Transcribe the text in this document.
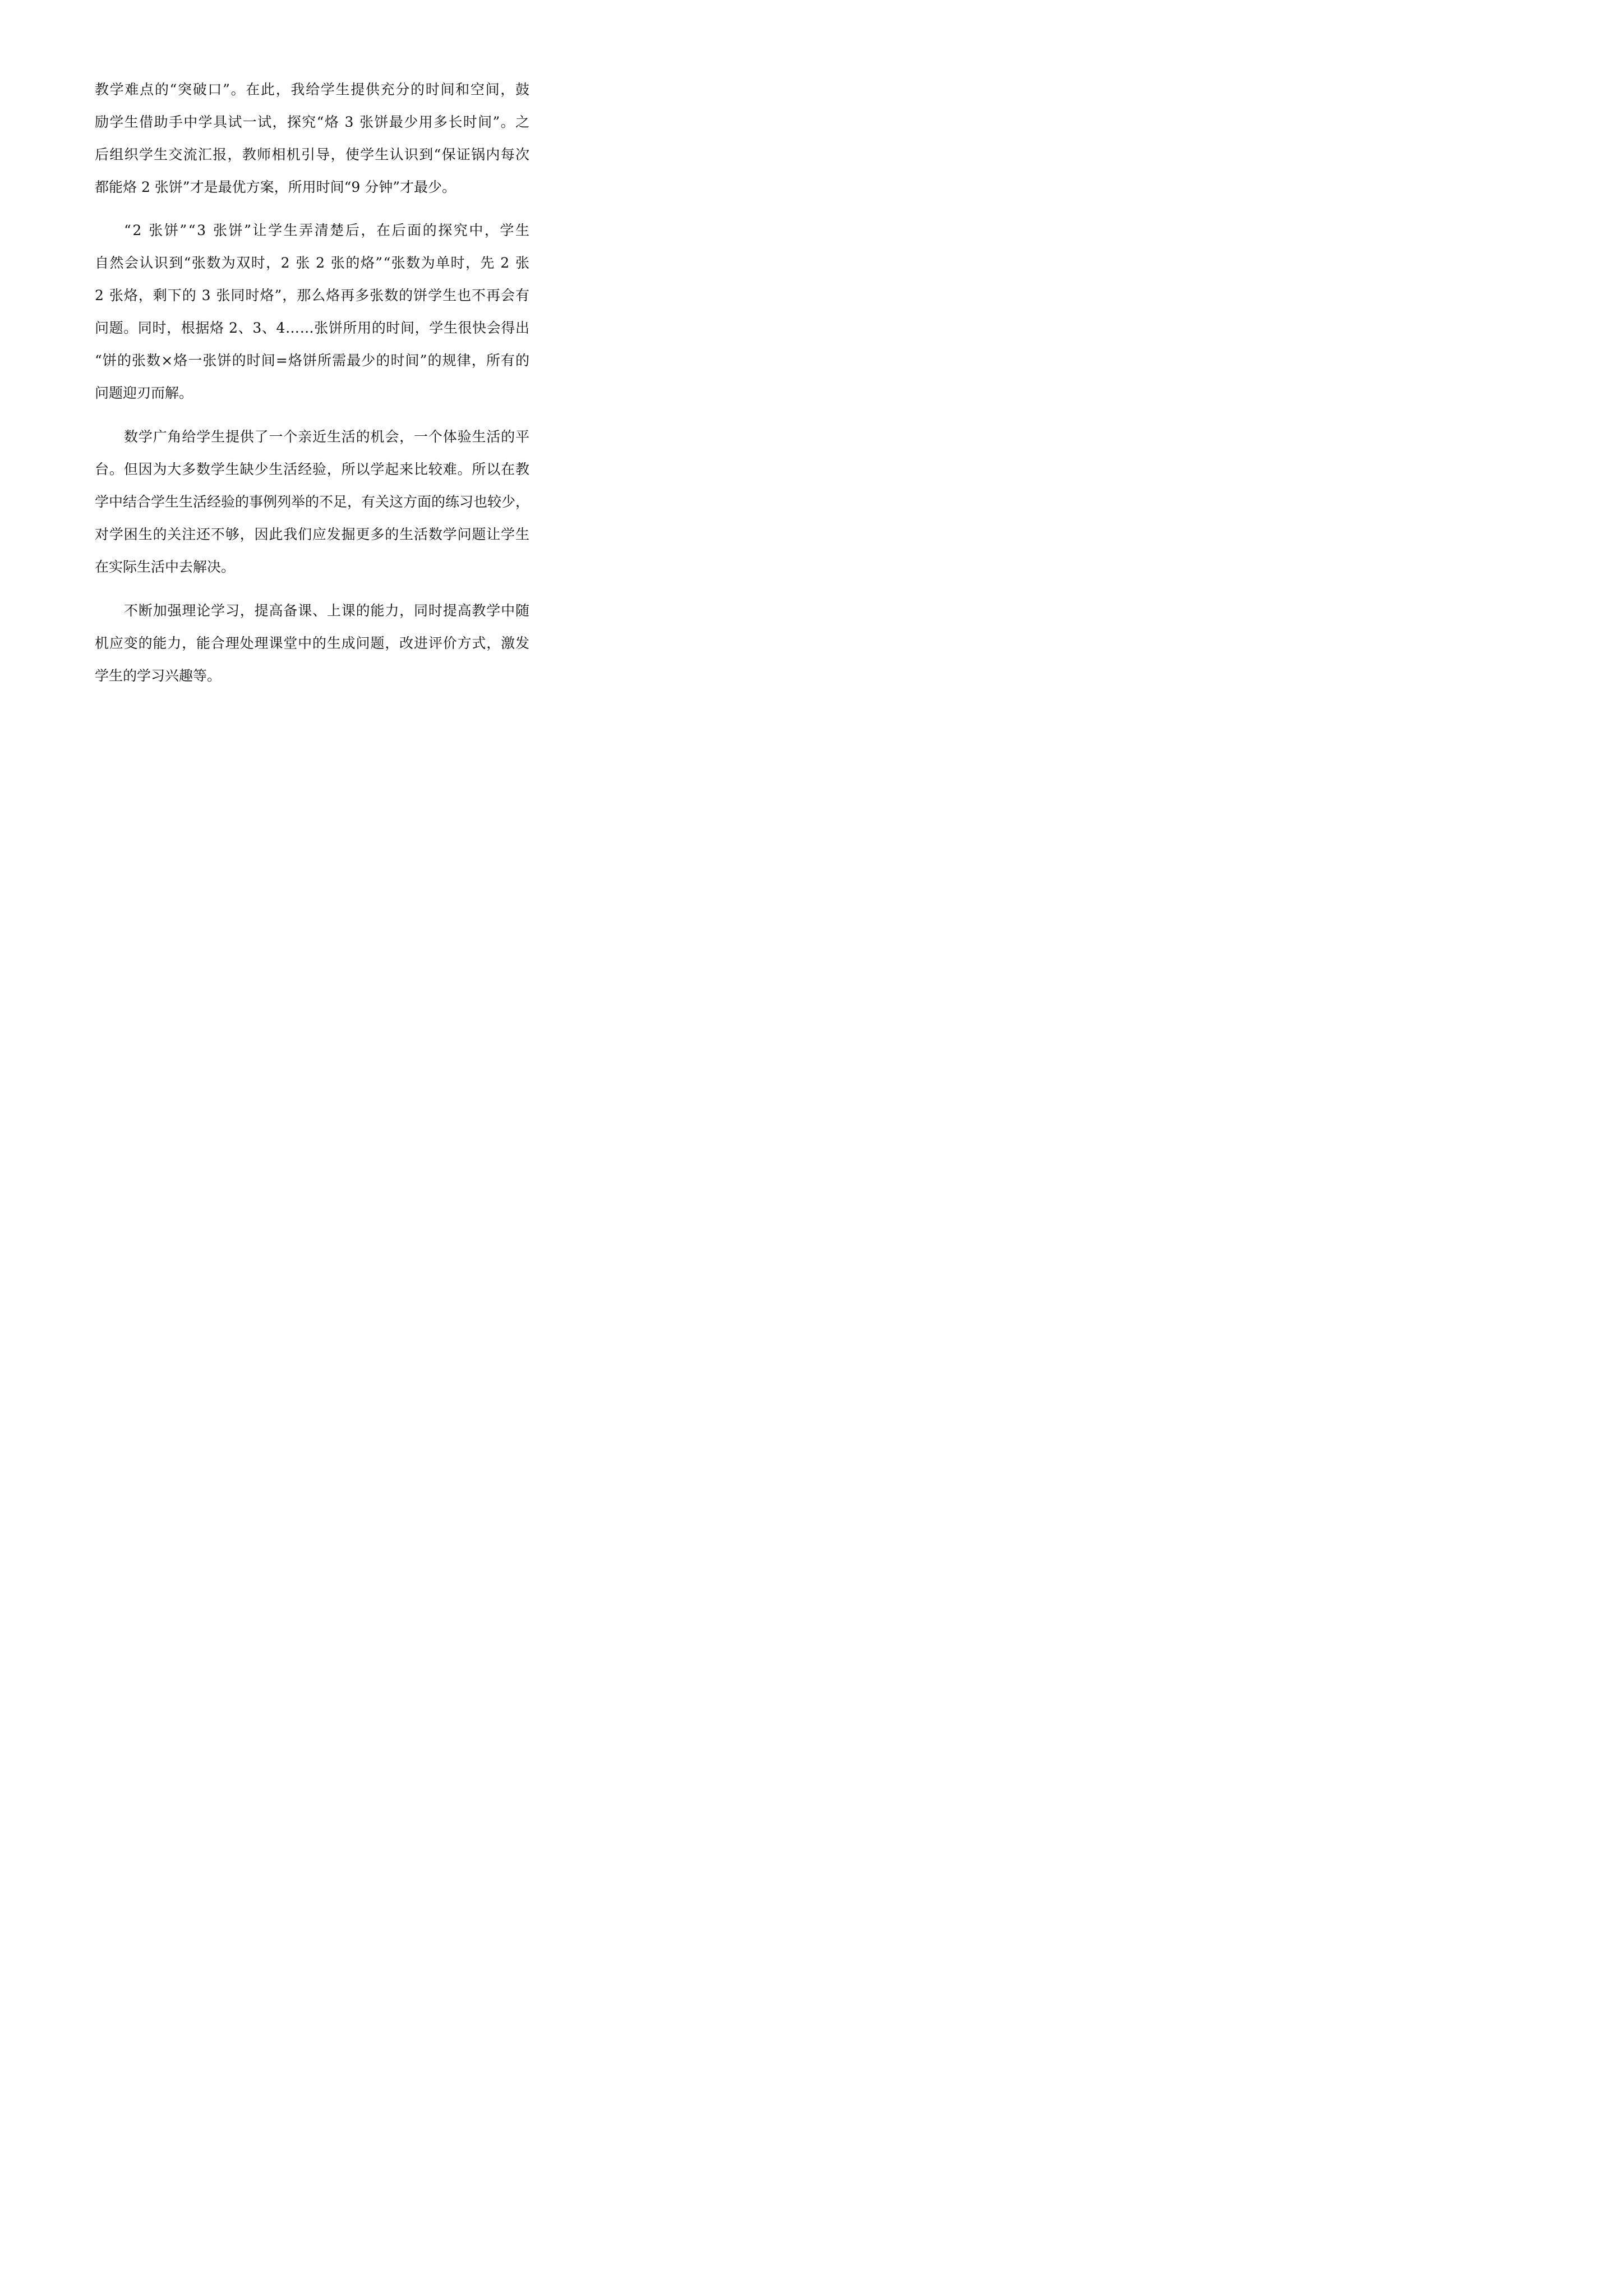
教学难点的“突破口”。在此，我给学生提供充分的时间和空间，鼓
励学生借助手中学具试一试，探究“烙 3 张饼最少用多长时间”。之
后组织学生交流汇报，教师相机引导，使学生认识到“保证锅内每次
都能烙 2 张饼”才是最优方案，所用时间“9 分钟”才最少。
“2 张饼”“3 张饼”让学生弄清楚后，在后面的探究中，学生
自然会认识到“张数为双时，2 张 2 张的烙”“张数为单时，先 2 张
2 张烙，剩下的 3 张同时烙”，那么烙再多张数的饼学生也不再会有
问题。同时，根据烙 2、3、4……张饼所用的时间，学生很快会得出
“饼的张数×烙一张饼的时间=烙饼所需最少的时间”的规律，所有的
问题迎刃而解。
数学广角给学生提供了一个亲近生活的机会，一个体验生活的平
台。但因为大多数学生缺少生活经验，所以学起来比较难。所以在教
学中结合学生生活经验的事例列举的不足，有关这方面的练习也较少，
对学困生的关注还不够，因此我们应发掘更多的生活数学问题让学生
在实际生活中去解决。
不断加强理论学习，提高备课、上课的能力，同时提高教学中随
机应变的能力，能合理处理课堂中的生成问题，改进评价方式，激发
学生的学习兴趣等。
